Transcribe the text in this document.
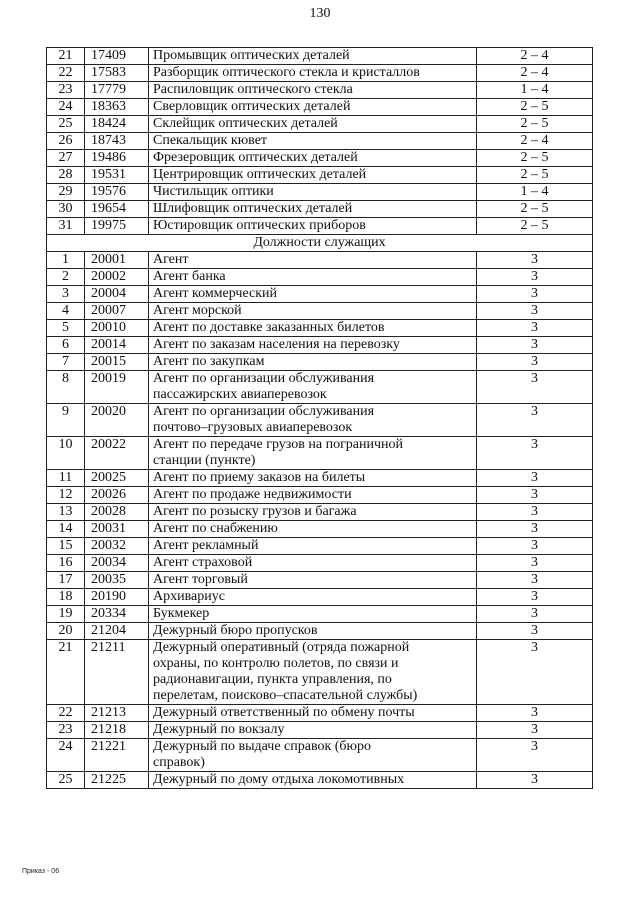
130
21	17409	Промывщик оптических деталей	2 – 4
22	17583	Разборщик оптического стекла и кристаллов	2 – 4
23	17779	Распиловщик оптического стекла	1 – 4
24	18363	Сверловщик оптических деталей	2 – 5
25	18424	Склейщик оптических деталей	2 – 5
26	18743	Спекальщик кювет	2 – 4
27	19486	Фрезеровщик оптических деталей	2 – 5
28	19531	Центрировщик оптических деталей	2 – 5
29	19576	Чистильщик оптики	1 – 4
30	19654	Шлифовщик оптических деталей	2 – 5
31	19975	Юстировщик оптических приборов	2 – 5
Должности служащих			
1	20001	Агент	3
2	20002	Агент банка	3
3	20004	Агент коммерческий	3
4	20007	Агент морской	3
5	20010	Агент по доставке заказанных билетов	3
6	20014	Агент по заказам населения на перевозку	3
7	20015	Агент по закупкам	3
8	20019	Агент по организации обслуживания
пассажирских авиаперевозок	3
9	20020	Агент по организации обслуживания
почтово–грузовых авиаперевозок	3
10	20022	Агент по передаче грузов на пограничной
станции (пункте)	3
11	20025	Агент по приему заказов на билеты	3
12	20026	Агент по продаже недвижимости	3
13	20028	Агент по розыску грузов и багажа	3
14	20031	Агент по снабжению	3
15	20032	Агент рекламный	3
16	20034	Агент страховой	3
17	20035	Агент торговый	3
18	20190	Архивариус	3
19	20334	Букмекер	3
20	21204	Дежурный бюро пропусков	3
21	21211	Дежурный оперативный (отряда пожарной
охраны, по контролю полетов, по связи и
радионавигации, пункта управления, по
перелетам, поисково–спасательной службы)	3
22	21213	Дежурный ответственный по обмену почты	3
23	21218	Дежурный по вокзалу	3
24	21221	Дежурный по выдаче справок (бюро
справок)	3
25	21225	Дежурный по дому отдыха локомотивных	3
Приказ - 06
